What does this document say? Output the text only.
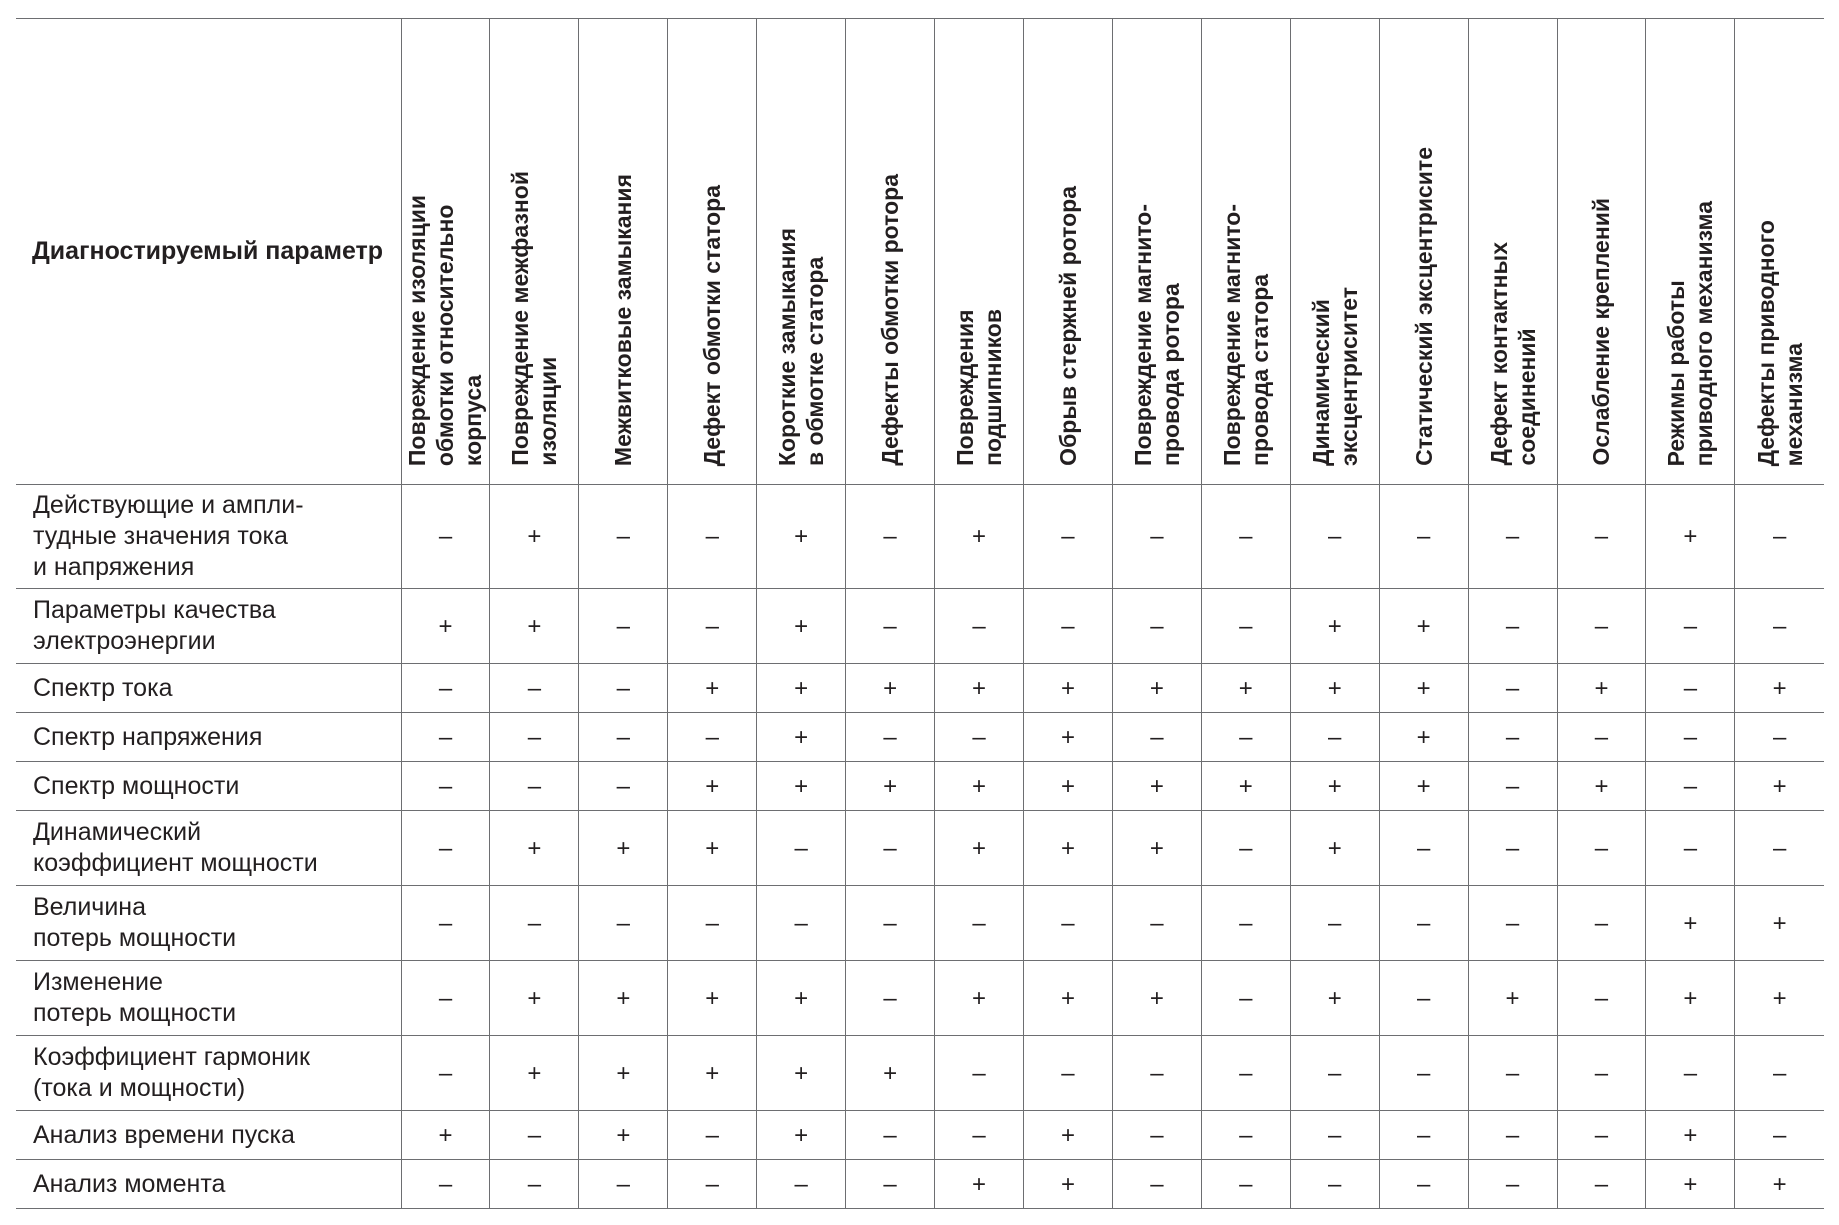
Диагностируемый параметр	Повреждение изоляции
обмотки относительно
корпуса	Повреждение межфазной
изоляции	Межвитковые замыкания	Дефект обмотки статора	Короткие замыкания
в обмотке статора	Дефекты обмотки ротора	Повреждения
подшипников	Обрыв стержней ротора	Повреждение магнито-
провода ротора	Повреждение магнито-
провода статора	Динамический
эксцентриситет	Статический эксцентрисите	Дефект контактных
соединений	Ослабление креплений	Режимы работы
приводного механизма	Дефекты приводного
механизма

Действующие и ампли-
тудные значения тока
и напряжения	–	+	–	–	+	–	+	–	–	–	–	–	–	–	+	–
Параметры качества
электроэнергии	+	+	–	–	+	–	–	–	–	–	+	+	–	–	–	–
Спектр тока	–	–	–	+	+	+	+	+	+	+	+	+	–	+	–	+
Спектр напряжения	–	–	–	–	+	–	–	+	–	–	–	+	–	–	–	–
Спектр мощности	–	–	–	+	+	+	+	+	+	+	+	+	–	+	–	+
Динамический
коэффициент мощности	–	+	+	+	–	–	+	+	+	–	+	–	–	–	–	–
Величина
потерь мощности	–	–	–	–	–	–	–	–	–	–	–	–	–	–	+	+
Изменение
потерь мощности	–	+	+	+	+	–	+	+	+	–	+	–	+	–	+	+
Коэффициент гармоник
(тока и мощности)	–	+	+	+	+	+	–	–	–	–	–	–	–	–	–	–
Анализ времени пуска	+	–	+	–	+	–	–	+	–	–	–	–	–	–	+	–
Анализ момента	–	–	–	–	–	–	+	+	–	–	–	–	–	–	+	+
